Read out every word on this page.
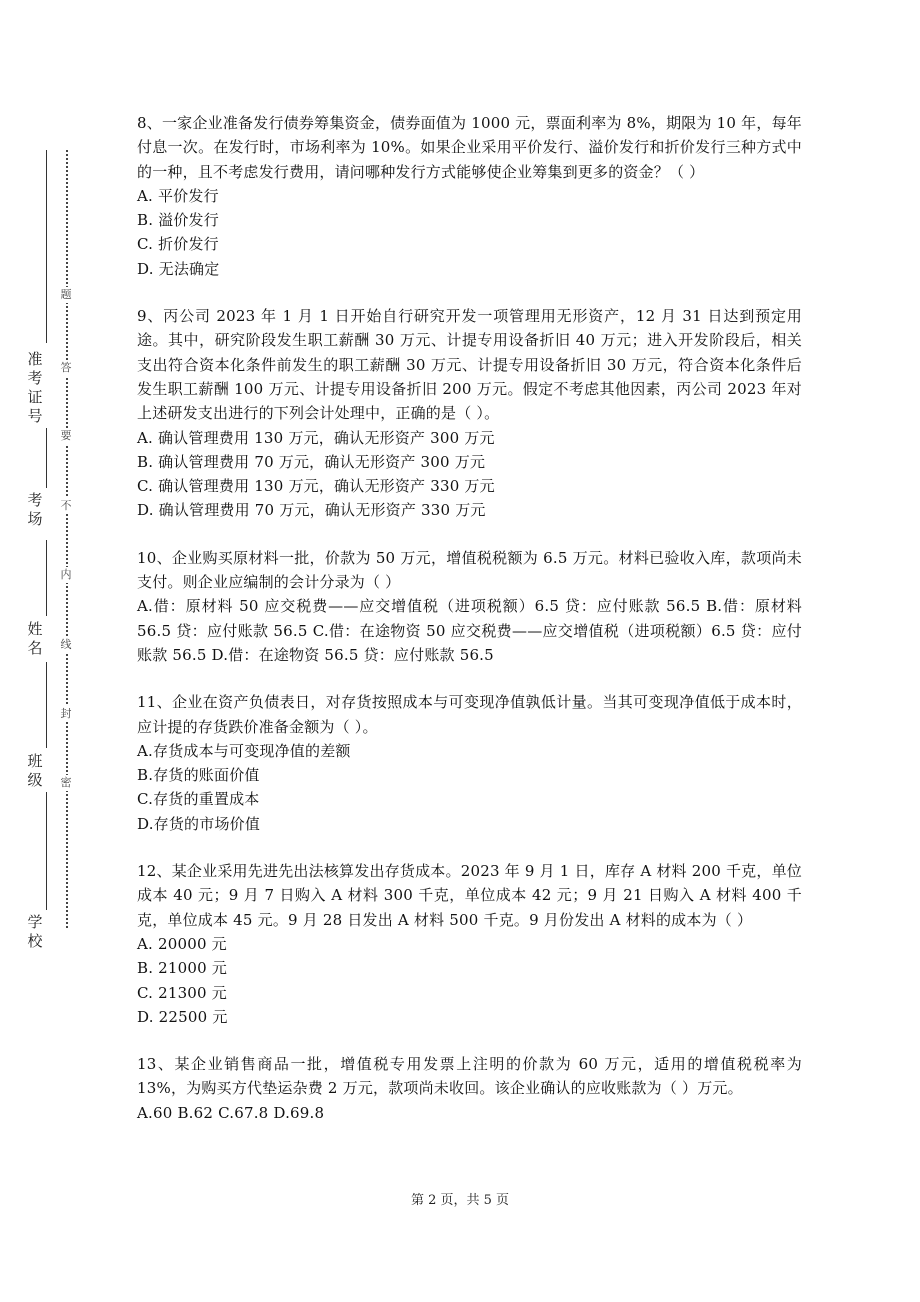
准考证号
考场
姓名
班级
学校
题
答
要
不
内
线
封
密

8、一家企业准备发行债券筹集资金，债券面值为 1000 元，票面利率为 8%，期限为 10 年，每年付息一次。在发行时，市场利率为 10%。如果企业采用平价发行、溢价发行和折价发行三种方式中的一种，且不考虑发行费用，请问哪种发行方式能够使企业筹集到更多的资金？（ ）

A. 平价发行

B. 溢价发行

C. 折价发行

D. 无法确定

9、丙公司 2023 年 1 月 1 日开始自行研究开发一项管理用无形资产，12 月 31 日达到预定用途。其中，研究阶段发生职工薪酬 30 万元、计提专用设备折旧 40 万元；进入开发阶段后，相关支出符合资本化条件前发生的职工薪酬 30 万元、计提专用设备折旧 30 万元，符合资本化条件后发生职工薪酬 100 万元、计提专用设备折旧 200 万元。假定不考虑其他因素，丙公司 2023 年对上述研发支出进行的下列会计处理中，正确的是（ ）。

A. 确认管理费用 130 万元，确认无形资产 300 万元

B. 确认管理费用 70 万元，确认无形资产 300 万元

C. 确认管理费用 130 万元，确认无形资产 330 万元

D. 确认管理费用 70 万元，确认无形资产 330 万元

10、企业购买原材料一批，价款为 50 万元，增值税税额为 6.5 万元。材料已验收入库，款项尚未支付。则企业应编制的会计分录为（ ）

A.借：原材料 50 应交税费——应交增值税（进项税额）6.5 贷：应付账款 56.5 B.借：原材料 56.5 贷：应付账款 56.5 C.借：在途物资 50 应交税费——应交增值税（进项税额）6.5 贷：应付账款 56.5 D.借：在途物资 56.5 贷：应付账款 56.5

11、企业在资产负债表日，对存货按照成本与可变现净值孰低计量。当其可变现净值低于成本时，应计提的存货跌价准备金额为（ ）。

A.存货成本与可变现净值的差额

B.存货的账面价值

C.存货的重置成本

D.存货的市场价值

12、某企业采用先进先出法核算发出存货成本。2023 年 9 月 1 日，库存 A 材料 200 千克，单位成本 40 元；9 月 7 日购入 A 材料 300 千克，单位成本 42 元；9 月 21 日购入 A 材料 400 千克，单位成本 45 元。9 月 28 日发出 A 材料 500 千克。9 月份发出 A 材料的成本为（ ）

A. 20000 元

B. 21000 元

C. 21300 元

D. 22500 元

13、某企业销售商品一批，增值税专用发票上注明的价款为 60 万元，适用的增值税税率为 13%，为购买方代垫运杂费 2 万元，款项尚未收回。该企业确认的应收账款为（ ）万元。

A.60 B.62 C.67.8 D.69.8

第 2 页，共 5 页
